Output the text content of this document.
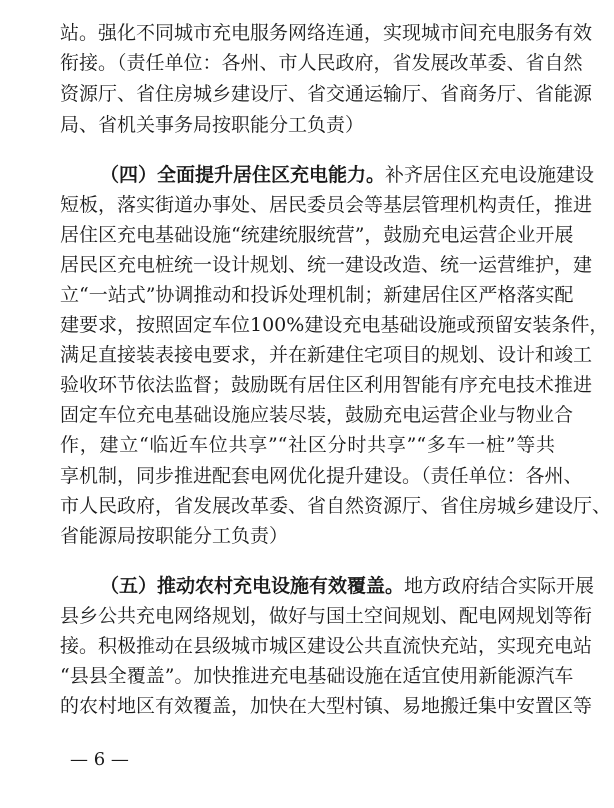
站。强化不同城市充电服务网络连通，实现城市间充电服务有效
衔接。（责任单位：各州、市人民政府，省发展改革委、省自然
资源厅、省住房城乡建设厅、省交通运输厅、省商务厅、省能源
局、省机关事务局按职能分工负责）
（四）全面提升居住区充电能力。补齐居住区充电设施建设
短板，落实街道办事处、居民委员会等基层管理机构责任，推进
居住区充电基础设施“统建统服统营”，鼓励充电运营企业开展
居民区充电桩统一设计规划、统一建设改造、统一运营维护，建
立“一站式”协调推动和投诉处理机制；新建居住区严格落实配
建要求，按照固定车位100%建设充电基础设施或预留安装条件，
满足直接装表接电要求，并在新建住宅项目的规划、设计和竣工
验收环节依法监督；鼓励既有居住区利用智能有序充电技术推进
固定车位充电基础设施应装尽装，鼓励充电运营企业与物业合
作，建立“临近车位共享”“社区分时共享”“多车一桩”等共
享机制，同步推进配套电网优化提升建设。（责任单位：各州、
市人民政府，省发展改革委、省自然资源厅、省住房城乡建设厅、
省能源局按职能分工负责）
（五）推动农村充电设施有效覆盖。地方政府结合实际开展
县乡公共充电网络规划，做好与国土空间规划、配电网规划等衔
接。积极推动在县级城市城区建设公共直流快充站，实现充电站
“县县全覆盖”。加快推进充电基础设施在适宜使用新能源汽车
的农村地区有效覆盖，加快在大型村镇、易地搬迁集中安置区等
— 6 —
